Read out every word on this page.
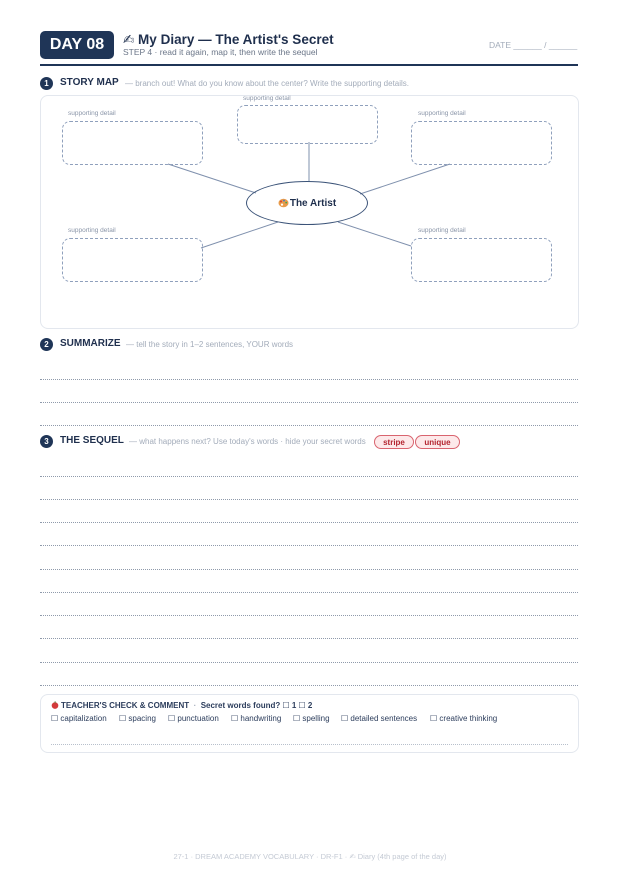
DAY 08	✍ My Diary — The Artist's Secret
STEP 4 · read it again, map it, then write the sequel
DATE ______ / ______
1	STORY MAP — branch out! What do you know about the center? Write the supporting details.
supporting detail
supporting detail	supporting detail
supporting detail	supporting detail
The Artist
2	SUMMARIZE — tell the story in 1–2 sentences, YOUR words
3	THE SEQUEL — what happens next? Use today's words · hide your secret words	stripe	unique
TEACHER'S CHECK & COMMENT  ·  Secret words found? ☐ 1 ☐ 2
☐ capitalization ☐ spacing ☐ punctuation ☐ handwriting ☐ spelling ☐ detailed sentences ☐ creative thinking
27-1 · DREAM ACADEMY VOCABULARY · DR-F1 · ✍ Diary (4th page of the day)
